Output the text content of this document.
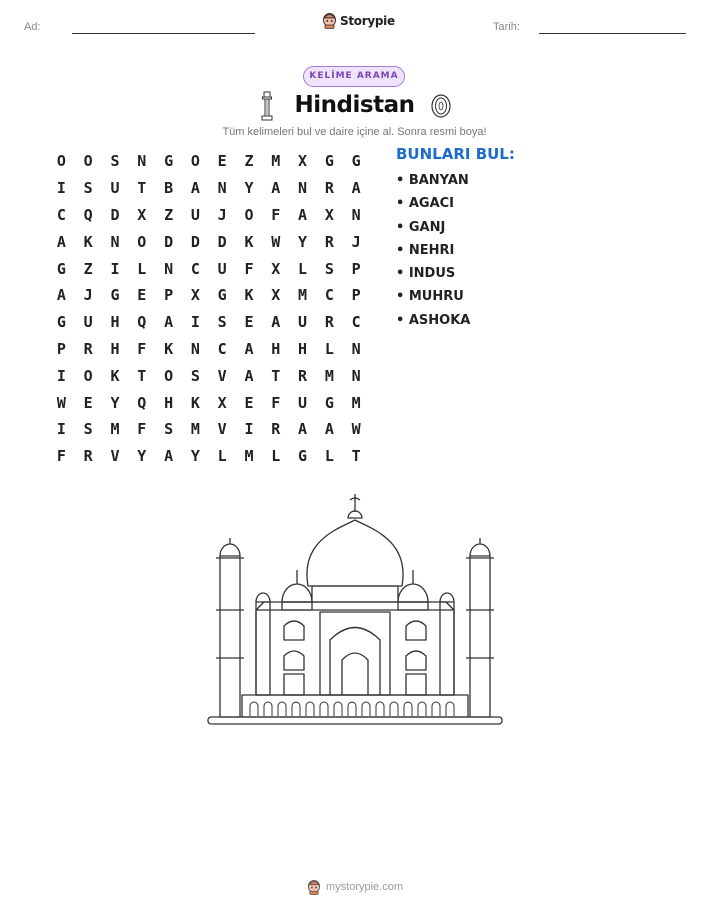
Ad:	Storypie	Tarih:
KELİME ARAMA
Hindistan
Tüm kelimeleri bul ve daire içine al. Sonra resmi boya!
O	O	S	N	G	O	E	Z	M	X	G	G
I	S	U	T	B	A	N	Y	A	N	R	A
C	Q	D	X	Z	U	J	O	F	A	X	N
A	K	N	O	D	D	D	K	W	Y	R	J
G	Z	I	L	N	C	U	F	X	L	S	P
A	J	G	E	P	X	G	K	X	M	C	P
G	U	H	Q	A	I	S	E	A	U	R	C
P	R	H	F	K	N	C	A	H	H	L	N
I	O	K	T	O	S	V	A	T	R	M	N
W	E	Y	Q	H	K	X	E	F	U	G	M
I	S	M	F	S	M	V	I	R	A	A	W
F	R	V	Y	A	Y	L	M	L	G	L	T
BUNLARI BUL:
• BANYAN
• AGACI
• GANJ
• NEHRI
• INDUS
• MUHRU
• ASHOKA
mystorypie.com
